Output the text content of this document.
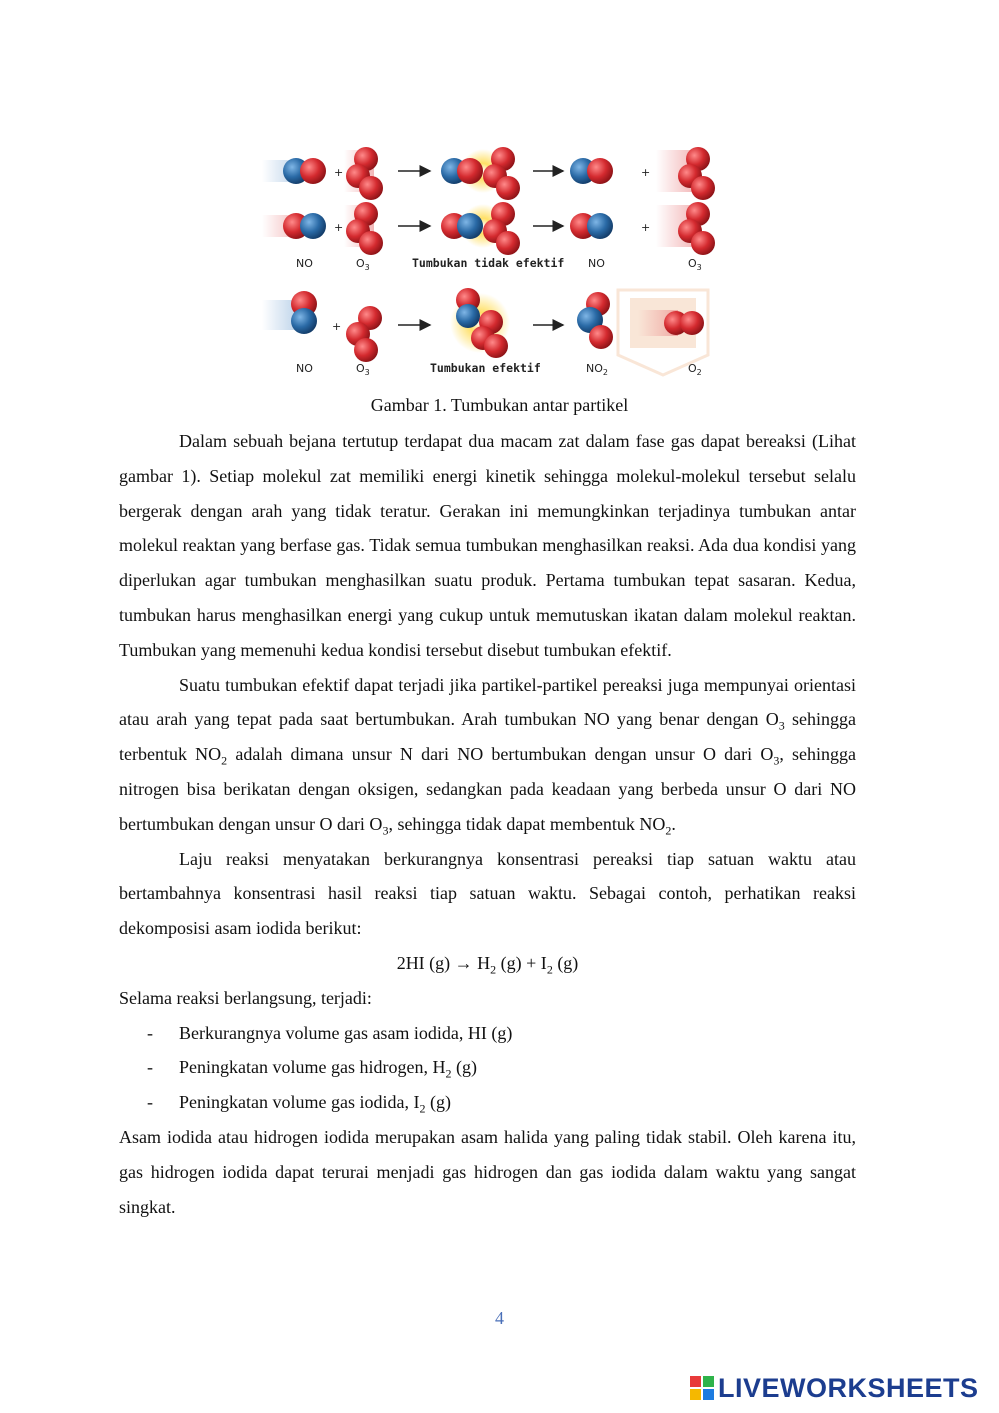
+	+
+	+
NO	$O_3$	Tumbukan tidak efektif NO	$O_3$
+
NO	$O_3$	Tumbukan efektif	$NO_2$	$O_2$
Gambar 1. Tumbukan antar partikel

Dalam sebuah bejana tertutup terdapat dua macam zat dalam fase gas dapat bereaksi (Lihat gambar 1). Setiap molekul zat memiliki energi kinetik sehingga molekul-molekul tersebut selalu bergerak dengan arah yang tidak teratur. Gerakan ini memungkinkan terjadinya tumbukan antar molekul reaktan yang berfase gas. Tidak semua tumbukan menghasilkan reaksi. Ada dua kondisi yang diperlukan agar tumbukan menghasilkan suatu produk. Pertama tumbukan tepat sasaran. Kedua, tumbukan harus menghasilkan energi yang cukup untuk memutuskan ikatan dalam molekul reaktan. Tumbukan yang memenuhi kedua kondisi tersebut disebut tumbukan efektif.

Suatu tumbukan efektif dapat terjadi jika partikel-partikel pereaksi juga mempunyai orientasi atau arah yang tepat pada saat bertumbukan. Arah tumbukan NO yang benar dengan $O_3$ sehingga terbentuk $NO_2$ adalah dimana unsur N dari NO bertumbukan dengan unsur O dari $O_3$, sehingga nitrogen bisa berikatan dengan oksigen, sedangkan pada keadaan yang berbeda unsur O dari NO bertumbukan dengan unsur O dari $O_3$, sehingga tidak dapat membentuk $NO_2$.

Laju reaksi menyatakan berkurangnya konsentrasi pereaksi tiap satuan waktu atau bertambahnya konsentrasi hasil reaksi tiap satuan waktu. Sebagai contoh, perhatikan reaksi dekomposisi asam iodida berikut:

2HI $(g) \to H_2$ $(g) + I_2$ (g)

Selama reaksi berlangsung, terjadi:

- Berkurangnya volume gas asam iodida, HI (g)
- Peningkatan volume gas hidrogen, $H_2$ (g)
- Peningkatan volume gas iodida, $I_2$ (g)

Asam iodida atau hidrogen iodida merupakan asam halida yang paling tidak stabil. Oleh karena itu, gas hidrogen iodida dapat terurai menjadi gas hidrogen dan gas iodida dalam waktu yang sangat singkat.

4
LIVEWORKSHEETS
